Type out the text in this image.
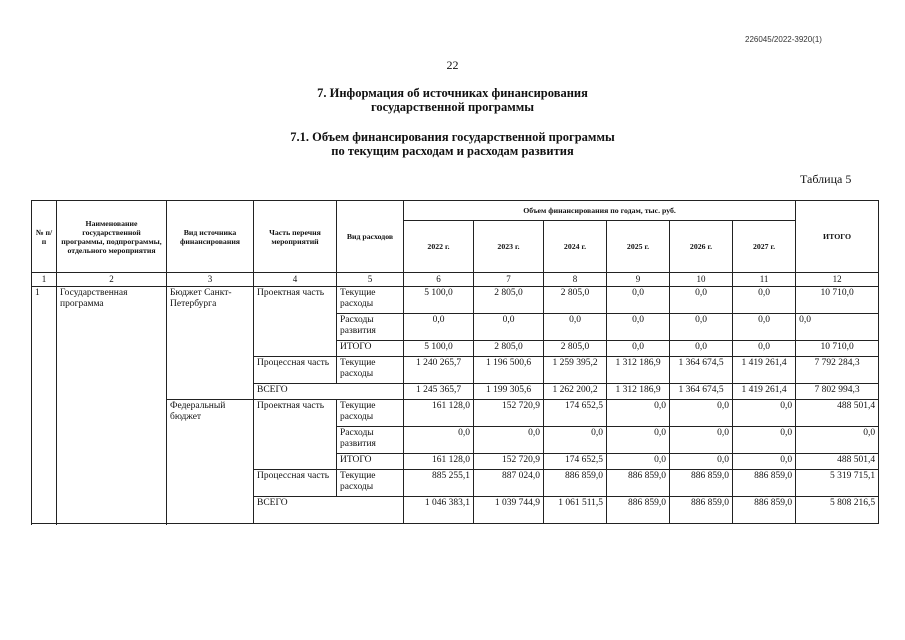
226045/2022-3920(1)
22
7. Информация об источниках финансирования
государственной программы
7.1. Объем финансирования государственной программы
по текущим расходам и расходам развития
Таблица 5
№ п/п	Наименование государственной программы, подпрограммы, отдельного мероприятия	Вид источника финансирования	Часть перечня мероприятий	Вид расходов	Объем финансирования по годам, тыс. руб.						ИТОГО
					2022 г.	2023 г.	2024 г.	2025 г.	2026 г.	2027 г.	
1	2	3	4	5	6	7	8	9	10	11	12
1	Государственная программа	Бюджет Санкт-Петербурга	Проектная часть	Текущие расходы	5 100,0	2 805,0	2 805,0	0,0	0,0	0,0	10 710,0
				Расходы развития	0,0	0,0	0,0	0,0	0,0	0,0	0,0
				ИТОГО	5 100,0	2 805,0	2 805,0	0,0	0,0	0,0	10 710,0
			Процессная часть	Текущие расходы	1 240 265,7	1 196 500,6	1 259 395,2	1 312 186,9	1 364 674,5	1 419 261,4	7 792 284,3
			ВСЕГО		1 245 365,7	1 199 305,6	1 262 200,2	1 312 186,9	1 364 674,5	1 419 261,4	7 802 994,3

		Федеральный бюджет	Проектная часть	Текущие расходы	161 128,0	152 720,9	174 652,5	0,0	0,0	0,0	488 501,4
				Расходы развития	0,0	0,0	0,0	0,0	0,0	0,0	0,0
				ИТОГО	161 128,0	152 720,9	174 652,5	0,0	0,0	0,0	488 501,4
			Процессная часть	Текущие расходы	885 255,1	887 024,0	886 859,0	886 859,0	886 859,0	886 859,0	5 319 715,1
			ВСЕГО		1 046 383,1	1 039 744,9	1 061 511,5	886 859,0	886 859,0	886 859,0	5 808 216,5
